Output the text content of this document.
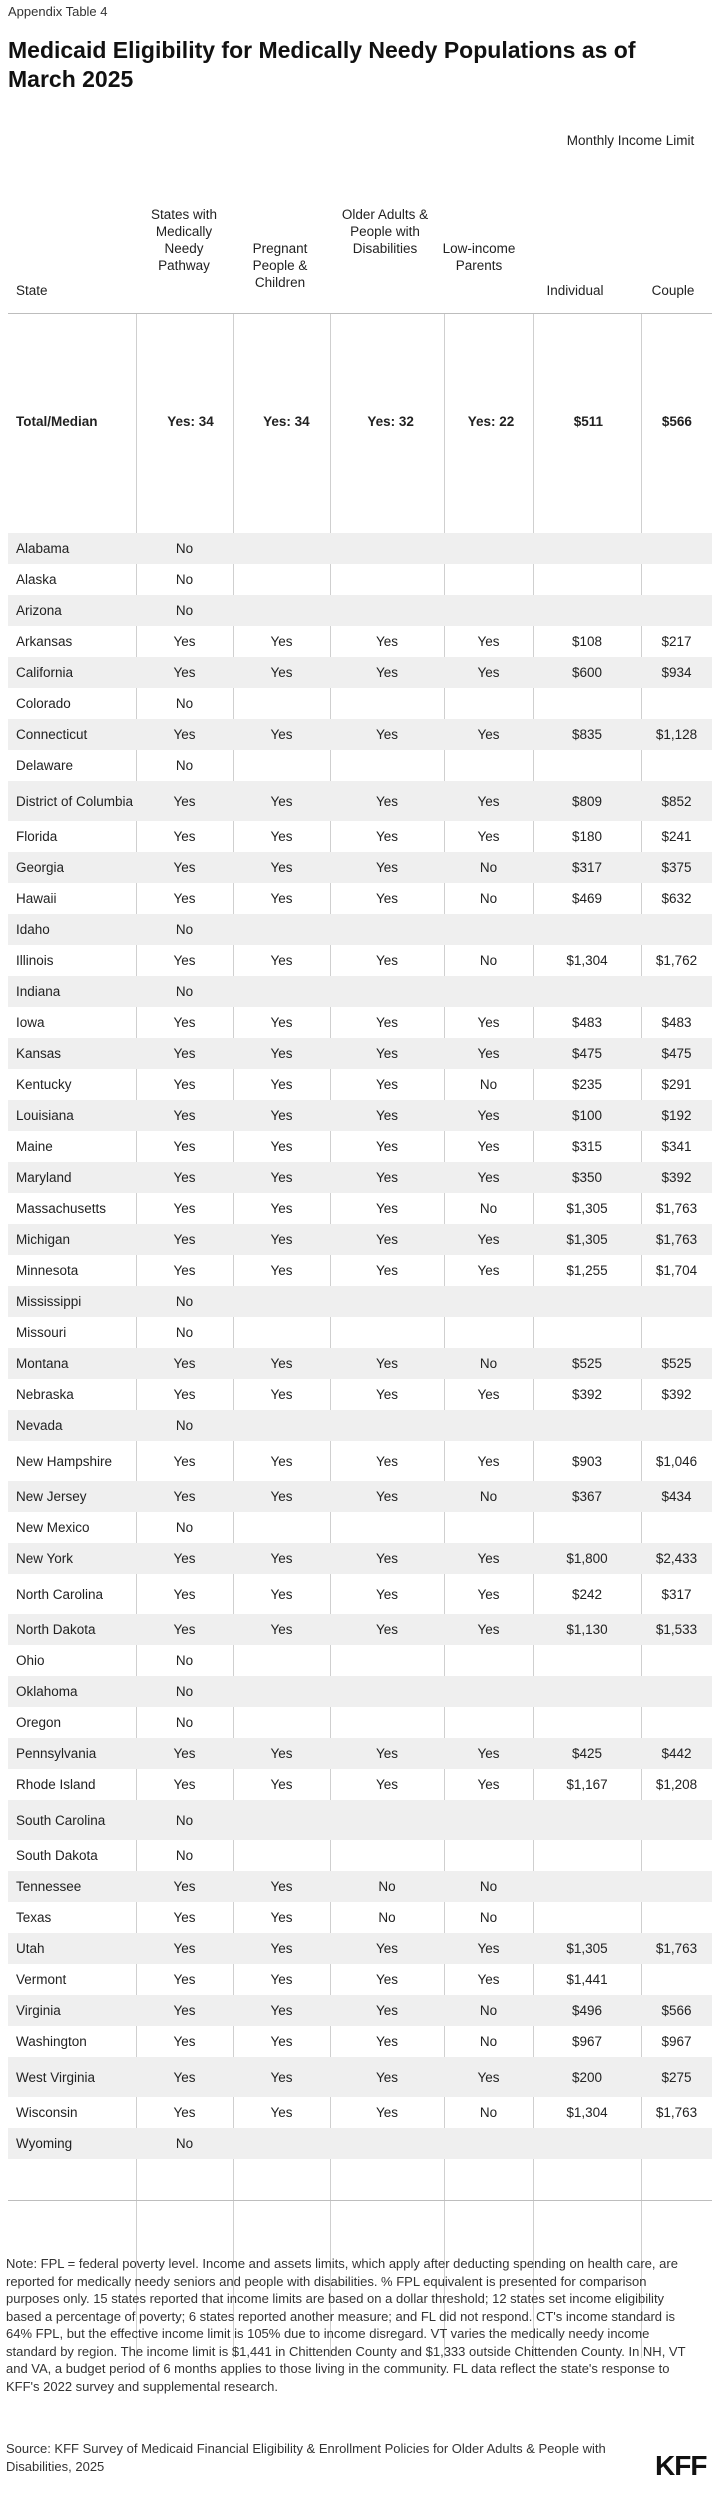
Appendix Table 4
Medicaid Eligibility for Medically Needy Populations as of March 2025
Monthly Income Limit
State
States with Medically Needy Pathway
Pregnant People & Children
Older Adults & People with Disabilities	Low-income Parents
Individual	Couple
Total/Median	Yes: 34	Yes: 34	Yes: 32	Yes: 22	$511	$566
Alabama	No					
Alaska	No					
Arizona	No					
Arkansas	Yes	Yes	Yes	Yes	$108	$217
California	Yes	Yes	Yes	Yes	$600	$934
Colorado	No					
Connecticut	Yes	Yes	Yes	Yes	$835	$1,128
Delaware	No					
District of Columbia	Yes	Yes	Yes	Yes	$809	$852
Florida	Yes	Yes	Yes	Yes	$180	$241
Georgia	Yes	Yes	Yes	No	$317	$375
Hawaii	Yes	Yes	Yes	No	$469	$632
Idaho	No					
Illinois	Yes	Yes	Yes	No	$1,304	$1,762
Indiana	No					
Iowa	Yes	Yes	Yes	Yes	$483	$483
Kansas	Yes	Yes	Yes	Yes	$475	$475
Kentucky	Yes	Yes	Yes	No	$235	$291
Louisiana	Yes	Yes	Yes	Yes	$100	$192
Maine	Yes	Yes	Yes	Yes	$315	$341
Maryland	Yes	Yes	Yes	Yes	$350	$392
Massachusetts	Yes	Yes	Yes	No	$1,305	$1,763
Michigan	Yes	Yes	Yes	Yes	$1,305	$1,763
Minnesota	Yes	Yes	Yes	Yes	$1,255	$1,704
Mississippi	No					
Missouri	No					
Montana	Yes	Yes	Yes	No	$525	$525
Nebraska	Yes	Yes	Yes	Yes	$392	$392
Nevada	No					
New Hampshire	Yes	Yes	Yes	Yes	$903	$1,046
New Jersey	Yes	Yes	Yes	No	$367	$434
New Mexico	No					
New York	Yes	Yes	Yes	Yes	$1,800	$2,433
North Carolina	Yes	Yes	Yes	Yes	$242	$317
North Dakota	Yes	Yes	Yes	Yes	$1,130	$1,533
Ohio	No					
Oklahoma	No					
Oregon	No					
Pennsylvania	Yes	Yes	Yes	Yes	$425	$442
Rhode Island	Yes	Yes	Yes	Yes	$1,167	$1,208
South Carolina	No					
South Dakota	No					
Tennessee	Yes	Yes	No	No		
Texas	Yes	Yes	No	No		
Utah	Yes	Yes	Yes	Yes	$1,305	$1,763
Vermont	Yes	Yes	Yes	Yes	$1,441	
Virginia	Yes	Yes	Yes	No	$496	$566
Washington	Yes	Yes	Yes	No	$967	$967
West Virginia	Yes	Yes	Yes	Yes	$200	$275
Wisconsin	Yes	Yes	Yes	No	$1,304	$1,763
Wyoming	No					
Note: FPL = federal poverty level. Income and assets limits, which apply after deducting spending on health care, are reported for medically needy seniors and people with disabilities. % FPL equivalent is presented for comparison purposes only. 15 states reported that income limits are based on a dollar threshold; 12 states set income eligibility based a percentage of poverty; 6 states reported another measure; and FL did not respond. CT's income standard is 64% FPL, but the effective income limit is 105% due to income disregard. VT varies the medically needy income standard by region. The income limit is $1,441 in Chittenden County and $1,333 outside Chittenden County. In NH, VT and VA, a budget period of 6 months applies to those living in the community. FL data reflect the state's response to KFF's 2022 survey and supplemental research.
Source: KFF Survey of Medicaid Financial Eligibility & Enrollment Policies for Older Adults & People with Disabilities, 2025	KFF
